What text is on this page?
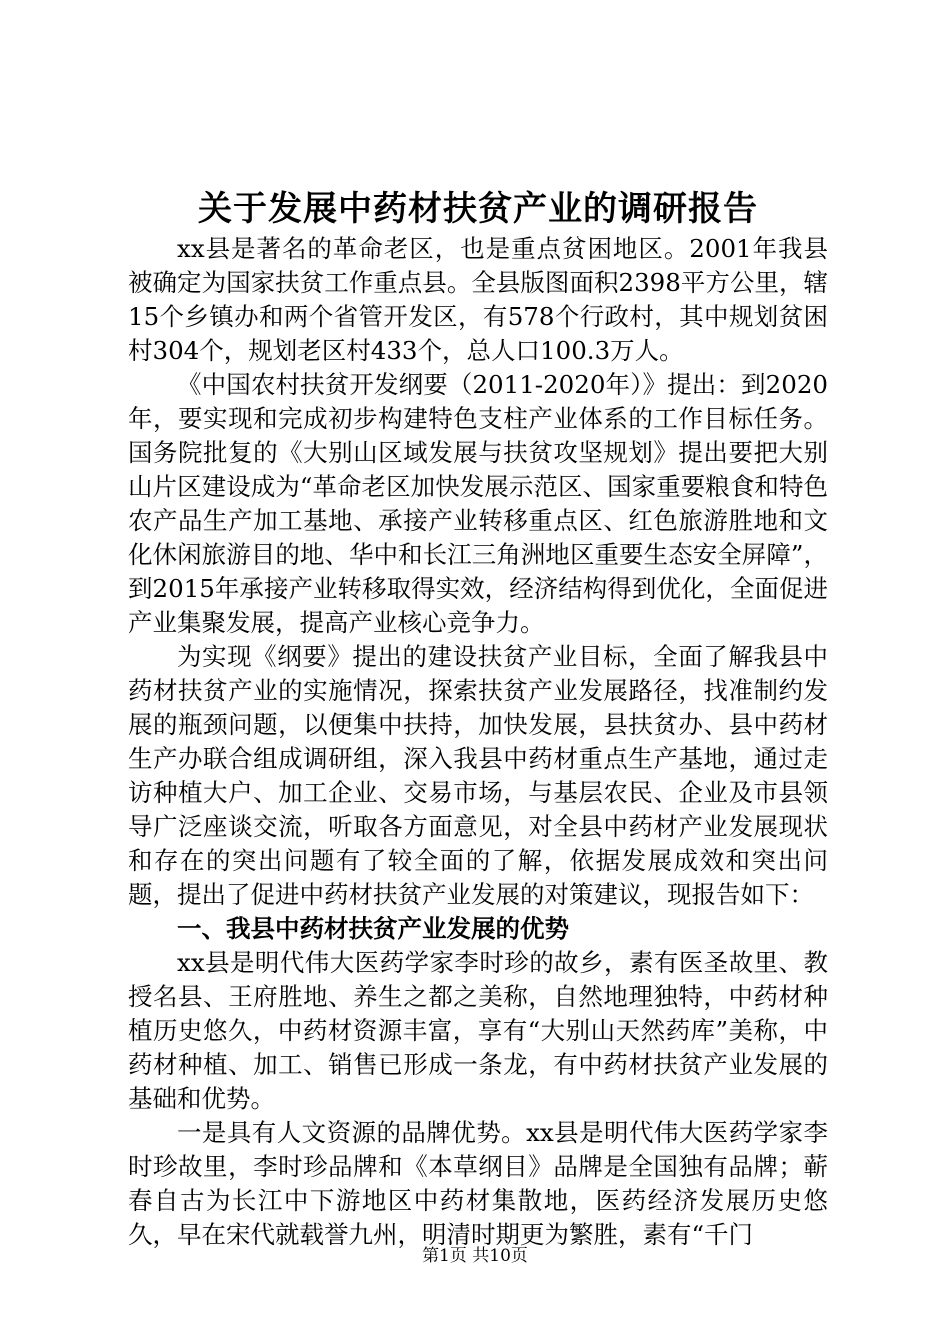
关于发展中药材扶贫产业的调研报告

xx县是著名的革命老区，也是重点贫困地区。2001年我县被确定为国家扶贫工作重点县。全县版图面积2398平方公里，辖15个乡镇办和两个省管开发区，有578个行政村，其中规划贫困村304个，规划老区村433个，总人口100.3万人。

《中国农村扶贫开发纲要（2011-2020年）》提出：到2020年，要实现和完成初步构建特色支柱产业体系的工作目标任务。国务院批复的《大别山区域发展与扶贫攻坚规划》提出要把大别山片区建设成为“革命老区加快发展示范区、国家重要粮食和特色农产品生产加工基地、承接产业转移重点区、红色旅游胜地和文化休闲旅游目的地、华中和长江三角洲地区重要生态安全屏障”，到2015年承接产业转移取得实效，经济结构得到优化，全面促进产业集聚发展，提高产业核心竞争力。

为实现《纲要》提出的建设扶贫产业目标，全面了解我县中药材扶贫产业的实施情况，探索扶贫产业发展路径，找准制约发展的瓶颈问题，以便集中扶持，加快发展，县扶贫办、县中药材生产办联合组成调研组，深入我县中药材重点生产基地，通过走访种植大户、加工企业、交易市场，与基层农民、企业及市县领导广泛座谈交流，听取各方面意见，对全县中药材产业发展现状和存在的突出问题有了较全面的了解，依据发展成效和突出问题，提出了促进中药材扶贫产业发展的对策建议，现报告如下：

一、我县中药材扶贫产业发展的优势

xx县是明代伟大医药学家李时珍的故乡，素有医圣故里、教授名县、王府胜地、养生之都之美称，自然地理独特，中药材种植历史悠久，中药材资源丰富，享有“大别山天然药库”美称，中药材种植、加工、销售已形成一条龙，有中药材扶贫产业发展的基础和优势。

一是具有人文资源的品牌优势。xx县是明代伟大医药学家李时珍故里，李时珍品牌和《本草纲目》品牌是全国独有品牌；蕲春自古为长江中下游地区中药材集散地，医药经济发展历史悠久，早在宋代就载誉九州，明清时期更为繁胜，素有“千门

第1页 共10页
